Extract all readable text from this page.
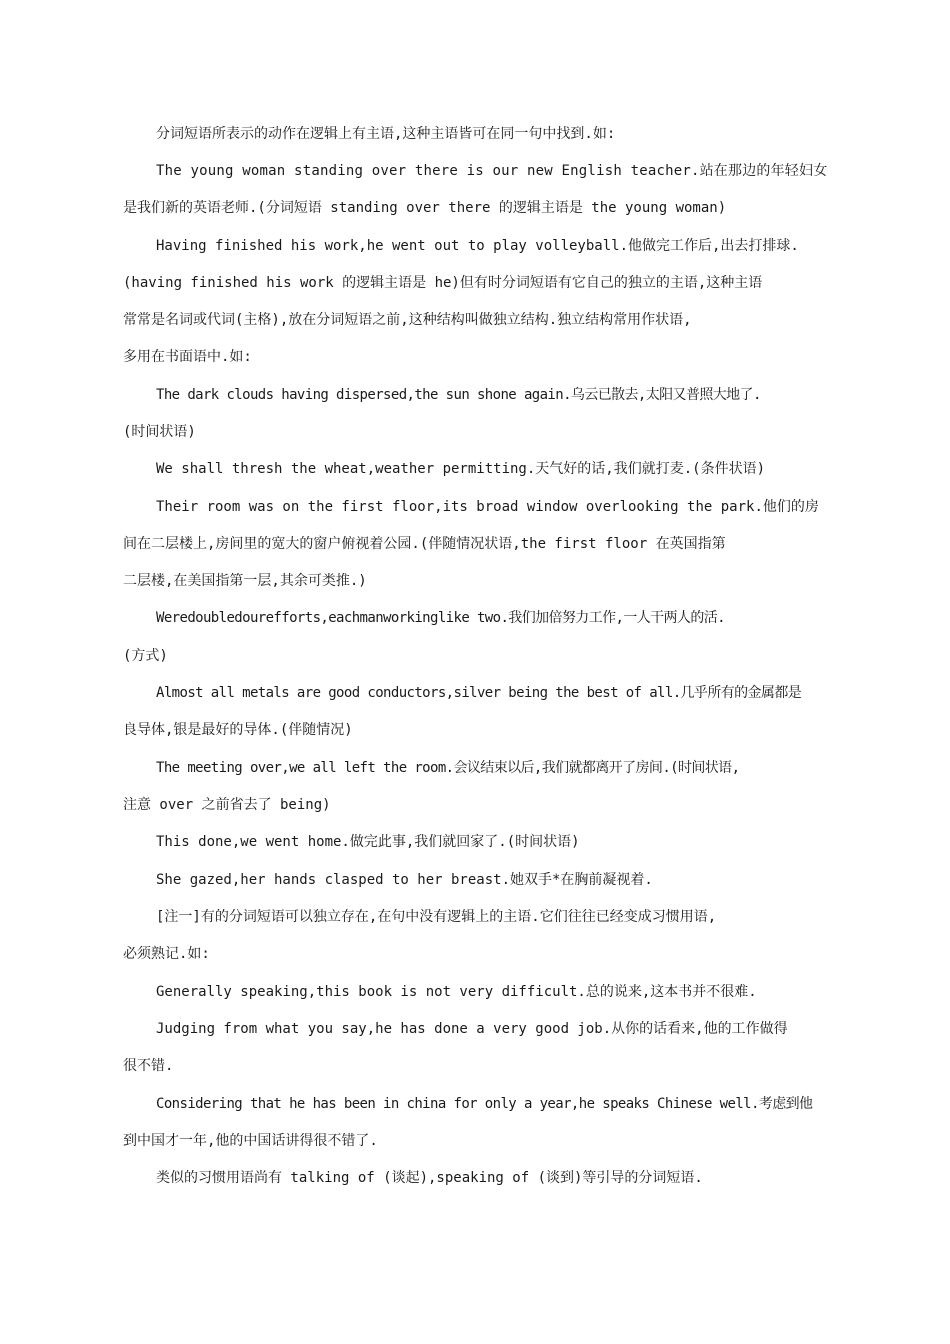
分词短语所表示的动作在逻辑上有主语,这种主语皆可在同一句中找到.如:
The young woman standing over there is our new English teacher.站在那边的年轻妇女
是我们新的英语老师.(分词短语 standing over there 的逻辑主语是 the young woman)
Having finished his work,he went out to play volleyball.他做完工作后,出去打排球.
(having finished his work 的逻辑主语是 he)但有时分词短语有它自己的独立的主语,这种主语
常常是名词或代词(主格),放在分词短语之前,这种结构叫做独立结构.独立结构常用作状语,
多用在书面语中.如:
The dark clouds having dispersed,the sun shone again.乌云已散去,太阳又普照大地了.
(时间状语)
We shall thresh the wheat,weather permitting.天气好的话,我们就打麦.(条件状语)
Their room was on the first floor,its broad window overlooking the park.他们的房
间在二层楼上,房间里的宽大的窗户俯视着公园.(伴随情况状语,the first floor 在英国指第
二层楼,在美国指第一层,其余可类推.)
Weredoubledourefforts,eachmanworkinglike two.我们加倍努力工作,一人干两人的活.
(方式)
Almost all metals are good conductors,silver being the best of all.几乎所有的金属都是
良导体,银是最好的导体.(伴随情况)
The meeting over,we all left the room.会议结束以后,我们就都离开了房间.(时间状语,
注意 over 之前省去了 being)
This done,we went home.做完此事,我们就回家了.(时间状语)
She gazed,her hands clasped to her breast.她双手*在胸前凝视着.
[注一]有的分词短语可以独立存在,在句中没有逻辑上的主语.它们往往已经变成习惯用语,
必须熟记.如:
Generally speaking,this book is not very difficult.总的说来,这本书并不很难.
Judging from what you say,he has done a very good job.从你的话看来,他的工作做得
很不错.
Considering that he has been in china for only a year,he speaks Chinese well.考虑到他
到中国才一年,他的中国话讲得很不错了.
类似的习惯用语尚有 talking of (谈起),speaking of (谈到)等引导的分词短语.
